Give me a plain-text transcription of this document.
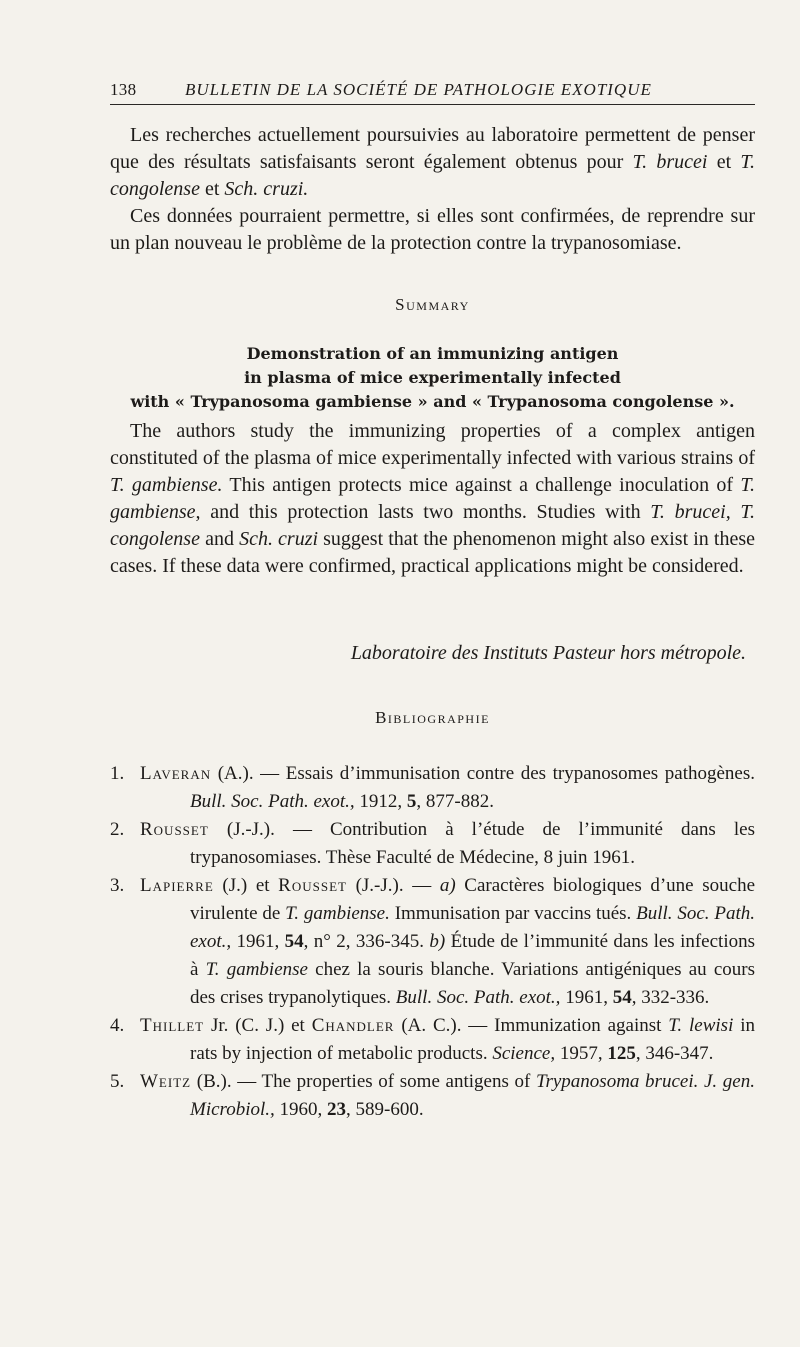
138	BULLETIN DE LA SOCIÉTÉ DE PATHOLOGIE EXOTIQUE

Les recherches actuellement poursuivies au laboratoire permettent de penser que des résultats satisfaisants seront également obtenus pour T. brucei et T. congolense et Sch. cruzi.

Ces données pourraient permettre, si elles sont confirmées, de reprendre sur un plan nouveau le problème de la protection contre la trypanosomiase.

Summary
Demonstration of an immunizing antigen
in plasma of mice experimentally infected
with « Trypanosoma gambiense » and « Trypanosoma congolense ».

The authors study the immunizing properties of a complex antigen constituted of the plasma of mice experimentally infected with various strains of T. gambiense. This antigen protects mice against a challenge inoculation of T. gambiense, and this protection lasts two months. Studies with T. brucei, T. congolense and Sch. cruzi suggest that the phenomenon might also exist in these cases. If these data were confirmed, practical applications might be considered.

Laboratoire des Instituts Pasteur hors métropole.
Bibliographie

1. Laveran (A.). — Essais d’immunisation contre des trypanosomes pathogènes. Bull. Soc. Path. exot., 1912, 5, 877-882.

2. Rousset (J.-J.). — Contribution à l’étude de l’immunité dans les trypanosomiases. Thèse Faculté de Médecine, 8 juin 1961.

3. Lapierre (J.) et Rousset (J.-J.). — a) Caractères biologiques d’une souche virulente de T. gambiense. Immunisation par vaccins tués. Bull. Soc. Path. exot., 1961, 54, n° 2, 336-345. b) Étude de l’immunité dans les infections à T. gambiense chez la souris blanche. Variations antigéniques au cours des crises trypanolytiques. Bull. Soc. Path. exot., 1961, 54, 332-336.

4. Thillet Jr. (C. J.) et Chandler (A. C.). — Immunization against T. lewisi in rats by injection of metabolic products. Science, 1957, 125, 346-347.

5. Weitz (B.). — The properties of some antigens of Trypanosoma brucei. J. gen. Microbiol., 1960, 23, 589-600.
